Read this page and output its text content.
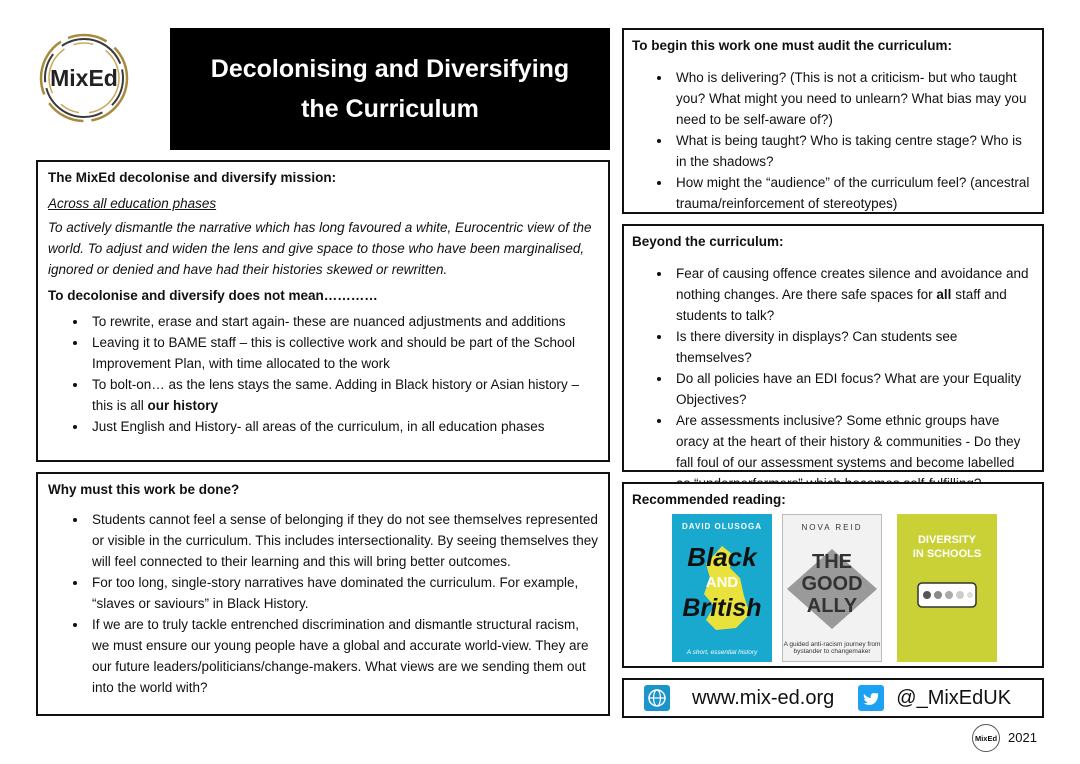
MixEd	Decolonising and Diversifying
the Curriculum
The MixEd decolonise and diversify mission:

Across all education phases

To actively dismantle the narrative which has long favoured a white, Eurocentric view of the world. To adjust and widen the lens and give space to those who have been marginalised, ignored or denied and have had their histories skewed or rewritten.

To decolonise and diversify does not mean…………
• To rewrite, erase and start again- these are nuanced adjustments and additions
• Leaving it to BAME staff – this is collective work and should be part of the School Improvement Plan, with time allocated to the work
• To bolt-on… as the lens stays the same. Adding in Black history or Asian history – this is all our history
• Just English and History- all areas of the curriculum, in all education phases
Why must this work be done?
• Students cannot feel a sense of belonging if they do not see themselves represented or visible in the curriculum. This includes intersectionality. By seeing themselves they will feel connected to their learning and this will bring better outcomes.
• For too long, single-story narratives have dominated the curriculum. For example, “slaves or saviours” in Black History.
• If we are to truly tackle entrenched discrimination and dismantle structural racism, we must ensure our young people have a global and accurate world-view. They are our future leaders/politicians/change-makers. What views are we sending them out into the world with?
To begin this work one must audit the curriculum:
• Who is delivering? (This is not a criticism- but who taught you? What might you need to unlearn? What bias may you need to be self-aware of?)
• What is being taught? Who is taking centre stage? Who is in the shadows?
• How might the “audience” of the curriculum feel? (ancestral trauma/reinforcement of stereotypes)
Beyond the curriculum:
• Fear of causing offence creates silence and avoidance and nothing changes. Are there safe spaces for all staff and students to talk?
• Is there diversity in displays? Can students see themselves?
• Do all policies have an EDI focus? What are your Equality Objectives?
• Are assessments inclusive? Some ethnic groups have oracy at the heart of their history & communities - Do they fall foul of our assessment systems and become labelled
Recommended reading:
DAVID OLUSOGA
Black
AND
British
A short, essential history
NOVA REID
THE
GOOD
ALLY
A guided anti-racism journey from bystander to changemaker
DIVERSITY
IN SCHOOLS
www.mix-ed.org	@_MixEdUK
MixEd 2021
